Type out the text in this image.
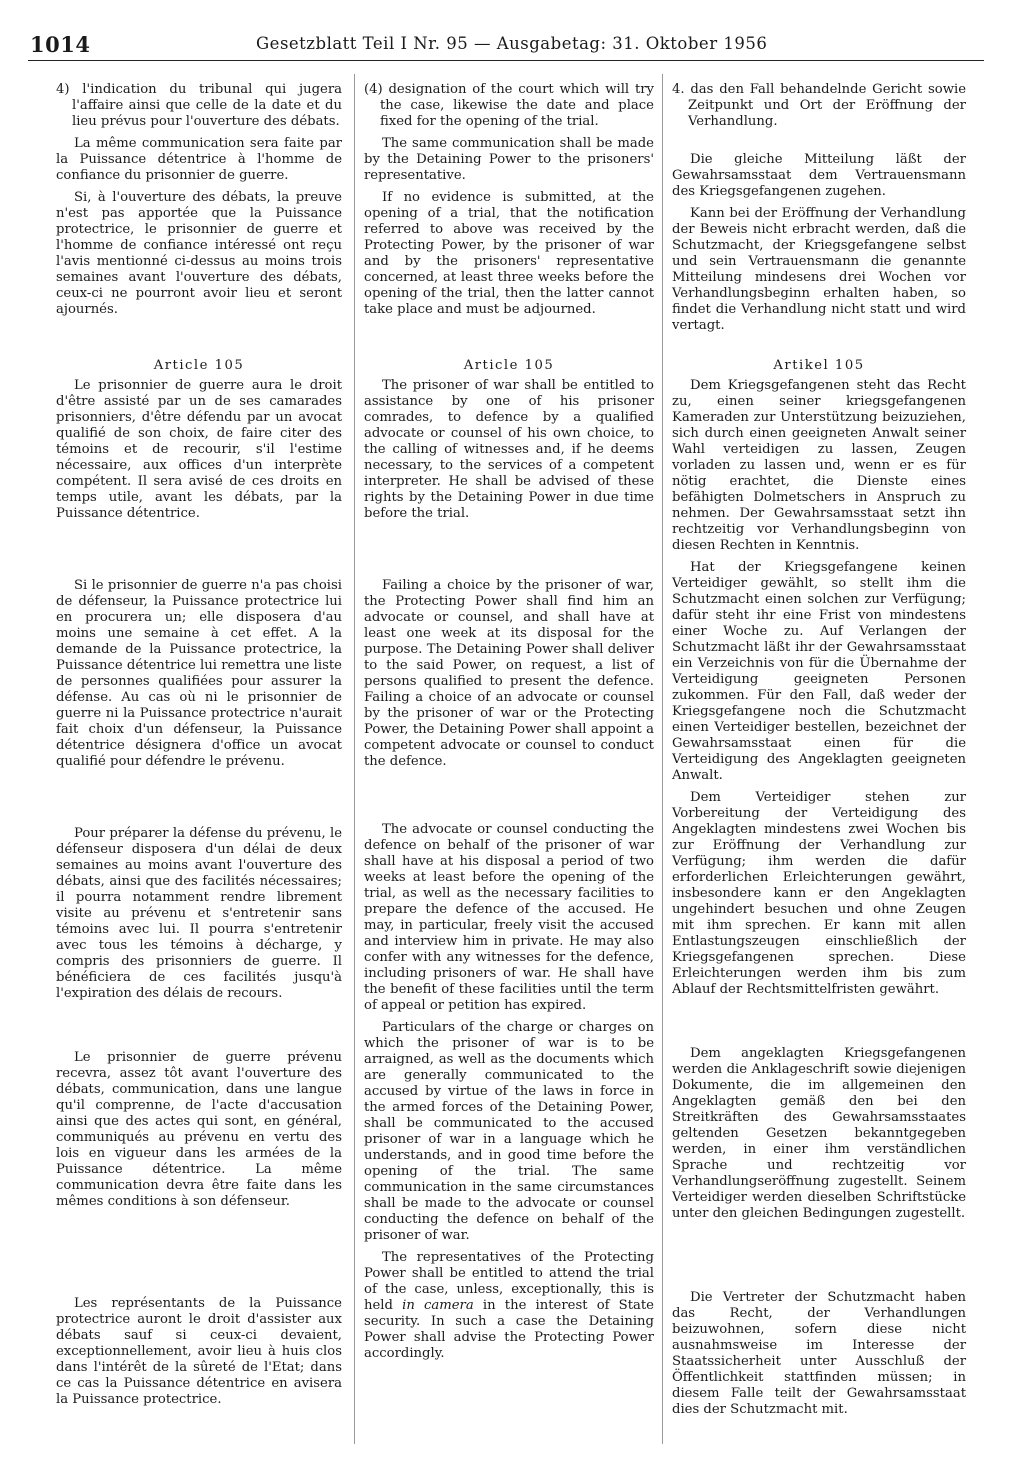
1014	Gesetzblatt Teil I Nr. 95 — Ausgabetag: 31. Oktober 1956

4) l'indication du tribunal qui jugera l'affaire ainsi que celle de la date et du lieu prévus pour l'ouverture des débats.

La même communication sera faite par la Puissance détentrice à l'homme de confiance du prisonnier de guerre.

Si, à l'ouverture des débats, la preuve n'est pas apportée que la Puissance protectrice, le prisonnier de guerre et l'homme de confiance intéressé ont reçu l'avis mentionné ci-dessus au moins trois semaines avant l'ouverture des débats, ceux-ci ne pourront avoir lieu et seront ajournés.

Article 105

Le prisonnier de guerre aura le droit d'être assisté par un de ses camarades prisonniers, d'être défendu par un avocat qualifié de son choix, de faire citer des témoins et de recourir, s'il l'estime nécessaire, aux offices d'un interprète compétent. Il sera avisé de ces droits en temps utile, avant les débats, par la Puissance détentrice.

Si le prisonnier de guerre n'a pas choisi de défenseur, la Puissance protectrice lui en procurera un; elle disposera d'au moins une semaine à cet effet. A la demande de la Puissance protectrice, la Puissance détentrice lui remettra une liste de personnes qualifiées pour assurer la défense. Au cas où ni le prisonnier de guerre ni la Puissance protectrice n'aurait fait choix d'un défenseur, la Puissance détentrice désignera d'office un avocat qualifié pour défendre le prévenu.

Pour préparer la défense du prévenu, le défenseur disposera d'un délai de deux semaines au moins avant l'ouverture des débats, ainsi que des facilités nécessaires; il pourra notamment rendre librement visite au prévenu et s'entretenir sans témoins avec lui. Il pourra s'entretenir avec tous les témoins à décharge, y compris des prisonniers de guerre. Il bénéficiera de ces facilités jusqu'à l'expiration des délais de recours.

Le prisonnier de guerre prévenu recevra, assez tôt avant l'ouverture des débats, communication, dans une langue qu'il comprenne, de l'acte d'accusation ainsi que des actes qui sont, en général, communiqués au prévenu en vertu des lois en vigueur dans les armées de la Puissance détentrice. La même communication devra être faite dans les mêmes conditions à son défenseur.

Les représentants de la Puissance protectrice auront le droit d'assister aux débats sauf si ceux-ci devaient, exceptionnellement, avoir lieu à huis clos dans l'intérêt de la sûreté de l'Etat; dans ce cas la Puissance détentrice en avisera la Puissance protectrice.

(4) designation of the court which will try the case, likewise the date and place fixed for the opening of the trial.

The same communication shall be made by the Detaining Power to the prisoners' representative.

If no evidence is submitted, at the opening of a trial, that the notification referred to above was received by the Protecting Power, by the prisoner of war and by the prisoners' representative concerned, at least three weeks before the opening of the trial, then the latter cannot take place and must be adjourned.

Article 105

The prisoner of war shall be entitled to assistance by one of his prisoner comrades, to defence by a qualified advocate or counsel of his own choice, to the calling of witnesses and, if he deems necessary, to the services of a competent interpreter. He shall be advised of these rights by the Detaining Power in due time before the trial.

Failing a choice by the prisoner of war, the Protecting Power shall find him an advocate or counsel, and shall have at least one week at its disposal for the purpose. The Detaining Power shall deliver to the said Power, on request, a list of persons qualified to present the defence. Failing a choice of an advocate or counsel by the prisoner of war or the Protecting Power, the Detaining Power shall appoint a competent advocate or counsel to conduct the defence.

The advocate or counsel conducting the defence on behalf of the prisoner of war shall have at his disposal a period of two weeks at least before the opening of the trial, as well as the necessary facilities to prepare the defence of the accused. He may, in particular, freely visit the accused and interview him in private. He may also confer with any witnesses for the defence, including prisoners of war. He shall have the benefit of these facilities until the term of appeal or petition has expired.

Particulars of the charge or charges on which the prisoner of war is to be arraigned, as well as the documents which are generally communicated to the accused by virtue of the laws in force in the armed forces of the Detaining Power, shall be communicated to the accused prisoner of war in a language which he understands, and in good time before the opening of the trial. The same communication in the same circumstances shall be made to the advocate or counsel conducting the defence on behalf of the prisoner of war.

The representatives of the Protecting Power shall be entitled to attend the trial of the case, unless, exceptionally, this is held in camera in the interest of State security. In such a case the Detaining Power shall advise the Protecting Power accordingly.

4. das den Fall behandelnde Gericht sowie Zeitpunkt und Ort der Eröffnung der Verhandlung.

Die gleiche Mitteilung läßt der Gewahrsamsstaat dem Vertrauensmann des Kriegsgefangenen zugehen.

Kann bei der Eröffnung der Verhandlung der Beweis nicht erbracht werden, daß die Schutzmacht, der Kriegsgefangene selbst und sein Vertrauensmann die genannte Mitteilung mindesens drei Wochen vor Verhandlungsbeginn erhalten haben, so findet die Verhandlung nicht statt und wird vertagt.

Artikel 105

Dem Kriegsgefangenen steht das Recht zu, einen seiner kriegsgefangenen Kameraden zur Unterstützung beizuziehen, sich durch einen geeigneten Anwalt seiner Wahl verteidigen zu lassen, Zeugen vorladen zu lassen und, wenn er es für nötig erachtet, die Dienste eines befähigten Dolmetschers in Anspruch zu nehmen. Der Gewahrsamsstaat setzt ihn rechtzeitig vor Verhandlungsbeginn von diesen Rechten in Kenntnis.

Hat der Kriegsgefangene keinen Verteidiger gewählt, so stellt ihm die Schutzmacht einen solchen zur Verfügung; dafür steht ihr eine Frist von mindestens einer Woche zu. Auf Verlangen der Schutzmacht läßt ihr der Gewahrsamsstaat ein Verzeichnis von für die Übernahme der Verteidigung geeigneten Personen zukommen. Für den Fall, daß weder der Kriegsgefangene noch die Schutzmacht einen Verteidiger bestellen, bezeichnet der Gewahrsamsstaat einen für die Verteidigung des Angeklagten geeigneten Anwalt.

Dem Verteidiger stehen zur Vorbereitung der Verteidigung des Angeklagten mindestens zwei Wochen bis zur Eröffnung der Verhandlung zur Verfügung; ihm werden die dafür erforderlichen Erleichterungen gewährt, insbesondere kann er den Angeklagten ungehindert besuchen und ohne Zeugen mit ihm sprechen. Er kann mit allen Entlastungszeugen einschließlich der Kriegsgefangenen sprechen. Diese Erleichterungen werden ihm bis zum Ablauf der Rechtsmittelfristen gewährt.

Dem angeklagten Kriegsgefangenen werden die Anklageschrift sowie diejenigen Dokumente, die im allgemeinen den Angeklagten gemäß den bei den Streitkräften des Gewahrsamsstaates geltenden Gesetzen bekanntgegeben werden, in einer ihm verständlichen Sprache und rechtzeitig vor Verhandlungseröffnung zugestellt. Seinem Verteidiger werden dieselben Schriftstücke unter den gleichen Bedingungen zugestellt.

Die Vertreter der Schutzmacht haben das Recht, der Verhandlungen beizuwohnen, sofern diese nicht ausnahmsweise im Interesse der Staatssicherheit unter Ausschluß der Öffentlichkeit stattfinden müssen; in diesem Falle teilt der Gewahrsamsstaat dies der Schutzmacht mit.
